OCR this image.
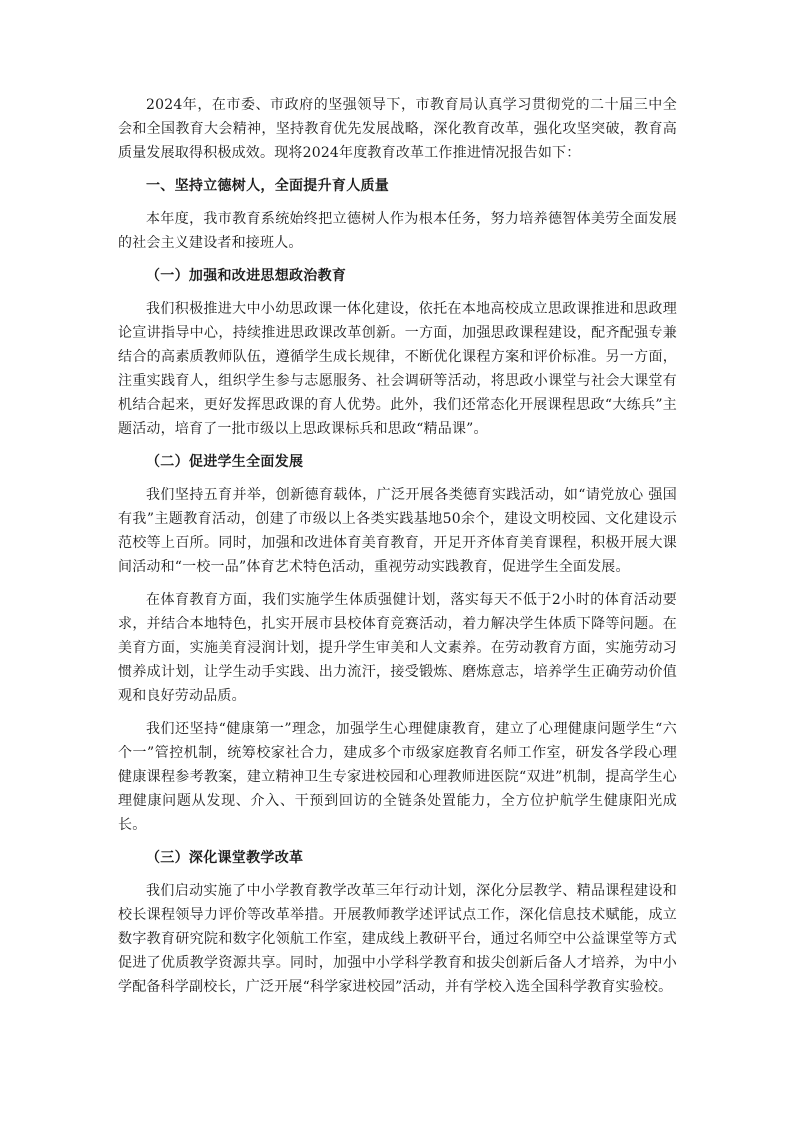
2024年，在市委、市政府的坚强领导下，市教育局认真学习贯彻党的二十届三中全会和全国教育大会精神，坚持教育优先发展战略，深化教育改革，强化攻坚突破，教育高质量发展取得积极成效。现将2024年度教育改革工作推进情况报告如下：

一、坚持立德树人，全面提升育人质量

本年度，我市教育系统始终把立德树人作为根本任务，努力培养德智体美劳全面发展的社会主义建设者和接班人。

（一）加强和改进思想政治教育

我们积极推进大中小幼思政课一体化建设，依托在本地高校成立思政课推进和思政理论宣讲指导中心，持续推进思政课改革创新。一方面，加强思政课程建设，配齐配强专兼结合的高素质教师队伍，遵循学生成长规律，不断优化课程方案和评价标准。另一方面，注重实践育人，组织学生参与志愿服务、社会调研等活动，将思政小课堂与社会大课堂有机结合起来，更好发挥思政课的育人优势。此外，我们还常态化开展课程思政“大练兵”主题活动，培育了一批市级以上思政课标兵和思政“精品课”。

（二）促进学生全面发展

我们坚持五育并举，创新德育载体，广泛开展各类德育实践活动，如“请党放心 强国有我”主题教育活动，创建了市级以上各类实践基地50余个，建设文明校园、文化建设示范校等上百所。同时，加强和改进体育美育教育，开足开齐体育美育课程，积极开展大课间活动和“一校一品”体育艺术特色活动，重视劳动实践教育，促进学生全面发展。

在体育教育方面，我们实施学生体质强健计划，落实每天不低于2小时的体育活动要求，并结合本地特色，扎实开展市县校体育竞赛活动，着力解决学生体质下降等问题。在美育方面，实施美育浸润计划，提升学生审美和人文素养。在劳动教育方面，实施劳动习惯养成计划，让学生动手实践、出力流汗，接受锻炼、磨炼意志，培养学生正确劳动价值观和良好劳动品质。

我们还坚持“健康第一”理念，加强学生心理健康教育，建立了心理健康问题学生“六个一”管控机制，统筹校家社合力，建成多个市级家庭教育名师工作室，研发各学段心理健康课程参考教案，建立精神卫生专家进校园和心理教师进医院“双进”机制，提高学生心理健康问题从发现、介入、干预到回访的全链条处置能力，全方位护航学生健康阳光成长。

（三）深化课堂教学改革

我们启动实施了中小学教育教学改革三年行动计划，深化分层教学、精品课程建设和校长课程领导力评价等改革举措。开展教师教学述评试点工作，深化信息技术赋能，成立数字教育研究院和数字化领航工作室，建成线上教研平台，通过名师空中公益课堂等方式促进了优质教学资源共享。同时，加强中小学科学教育和拔尖创新后备人才培养，为中小学配备科学副校长，广泛开展“科学家进校园”活动，并有学校入选全国科学教育实验校。
